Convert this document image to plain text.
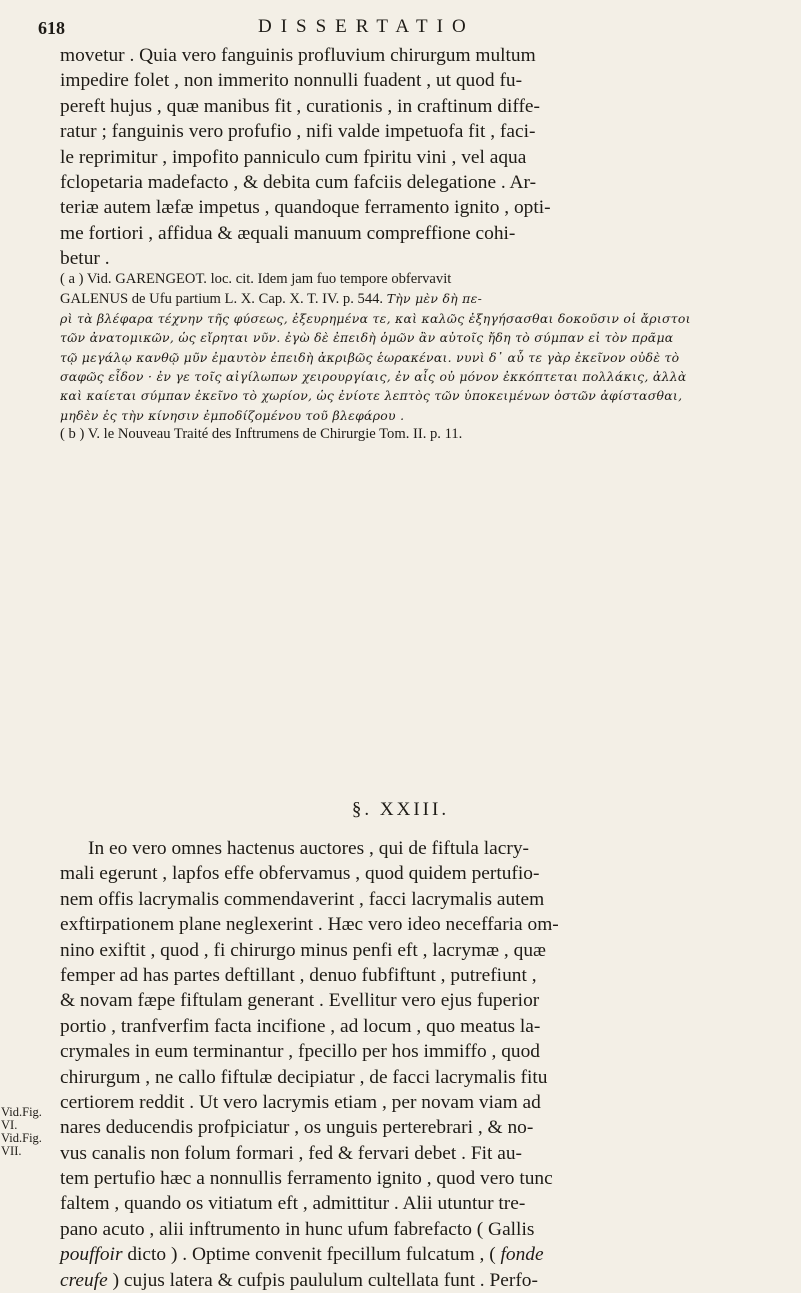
618	DISSERTATIO
movetur . Quia vero fanguinis profluvium chirurgum multum
impedire folet , non immerito nonnulli fuadent , ut quod fu-
pereft hujus , quæ manibus fit , curationis , in craftinum diffe-
ratur ; fanguinis vero profufio , nifi valde impetuofa fit , faci-
le reprimitur , impofito panniculo cum fpiritu vini , vel aqua
fclopetaria madefacto , & debita cum fafciis delegatione . Ar-
teriæ autem læfæ impetus , quandoque ferramento ignito , opti-
me fortiori , affidua & æquali manuum compreffione cohi-
betur .
( a ) Vid. GARENGEOT. loc. cit. Idem jam fuo tempore obfervavit
GALENUS de Ufu partium L. X. Cap. X. T. IV. p. 544. Τὴν μὲν δὴ πε-
ρὶ τὰ βλέφαρα τέχνην τῆς φύσεως, ἐξευρημένα τε, καὶ καλῶς ἐξηγήσασθαι δοκοῦσιν οἱ ἄριστοι
τῶν ἀνατομικῶν, ὡς εἴρηται νῦν. ἐγὼ δὲ ἐπειδὴ ὁμῶν ἂν αὐτοῖς ἤδη τὸ σύμπαν εἰ τὸν πρᾶμα
τῷ μεγάλῳ κανθῷ μῦν ἐμαυτὸν ἐπειδὴ ἀκριβῶς ἑωρακέναι. νυνὶ δ᾽ αὖ τε γὰρ ἐκεῖνον οὐδὲ τὸ
σαφῶς εἶδον · ἐν γε τοῖς αἰγίλωπων χειρουργίαις, ἐν αἷς οὐ μόνον ἐκκόπτεται πολλάκις, ἀλλὰ
καὶ καίεται σύμπαν ἐκεῖνο τὸ χωρίον, ὡς ἐνίοτε λεπτὸς τῶν ὑποκειμένων ὀστῶν ἀφίστασθαι,
μηδὲν ἐς τὴν κίνησιν ἐμποδίζομένου τοῦ βλεφάρου .
( b ) V. le Nouveau Traité des Inftrumens de Chirurgie Tom. II. p. 11.
§. XXIII.
In eo vero omnes hactenus auctores , qui de fiftula lacry-
mali egerunt , lapfos effe obfervamus , quod quidem pertufio-
nem offis lacrymalis commendaverint , facci lacrymalis autem
exftirpationem plane neglexerint . Hæc vero ideo neceffaria om-
nino exiftit , quod , fi chirurgo minus penfi eft , lacrymæ , quæ
femper ad has partes deftillant , denuo fubfiftunt , putrefiunt ,
& novam fæpe fiftulam generant . Evellitur vero ejus fuperior
portio , tranfverfim facta incifione , ad locum , quo meatus la-
crymales in eum terminantur , fpecillo per hos immiffo , quod
chirurgum , ne callo fiftulæ decipiatur , de facci lacrymalis fitu
certiorem reddit . Ut vero lacrymis etiam , per novam viam ad
nares deducendis profpiciatur , os unguis perterebrari , & no-
vus canalis non folum formari , fed & fervari debet . Fit au-
tem pertufio hæc a nonnullis ferramento ignito , quod vero tunc
faltem , quando os vitiatum eft , admittitur . Alii utuntur tre-
pano acuto , alii inftrumento in hunc ufum fabrefacto ( Gallis
pouffoir dicto ) . Optime convenit fpecillum fulcatum , ( fonde
creufe ) cujus latera & cufpis paululum cultellata funt . Perfo-
Vid.Fig.
VI.
Vid.Fig.
VII.
